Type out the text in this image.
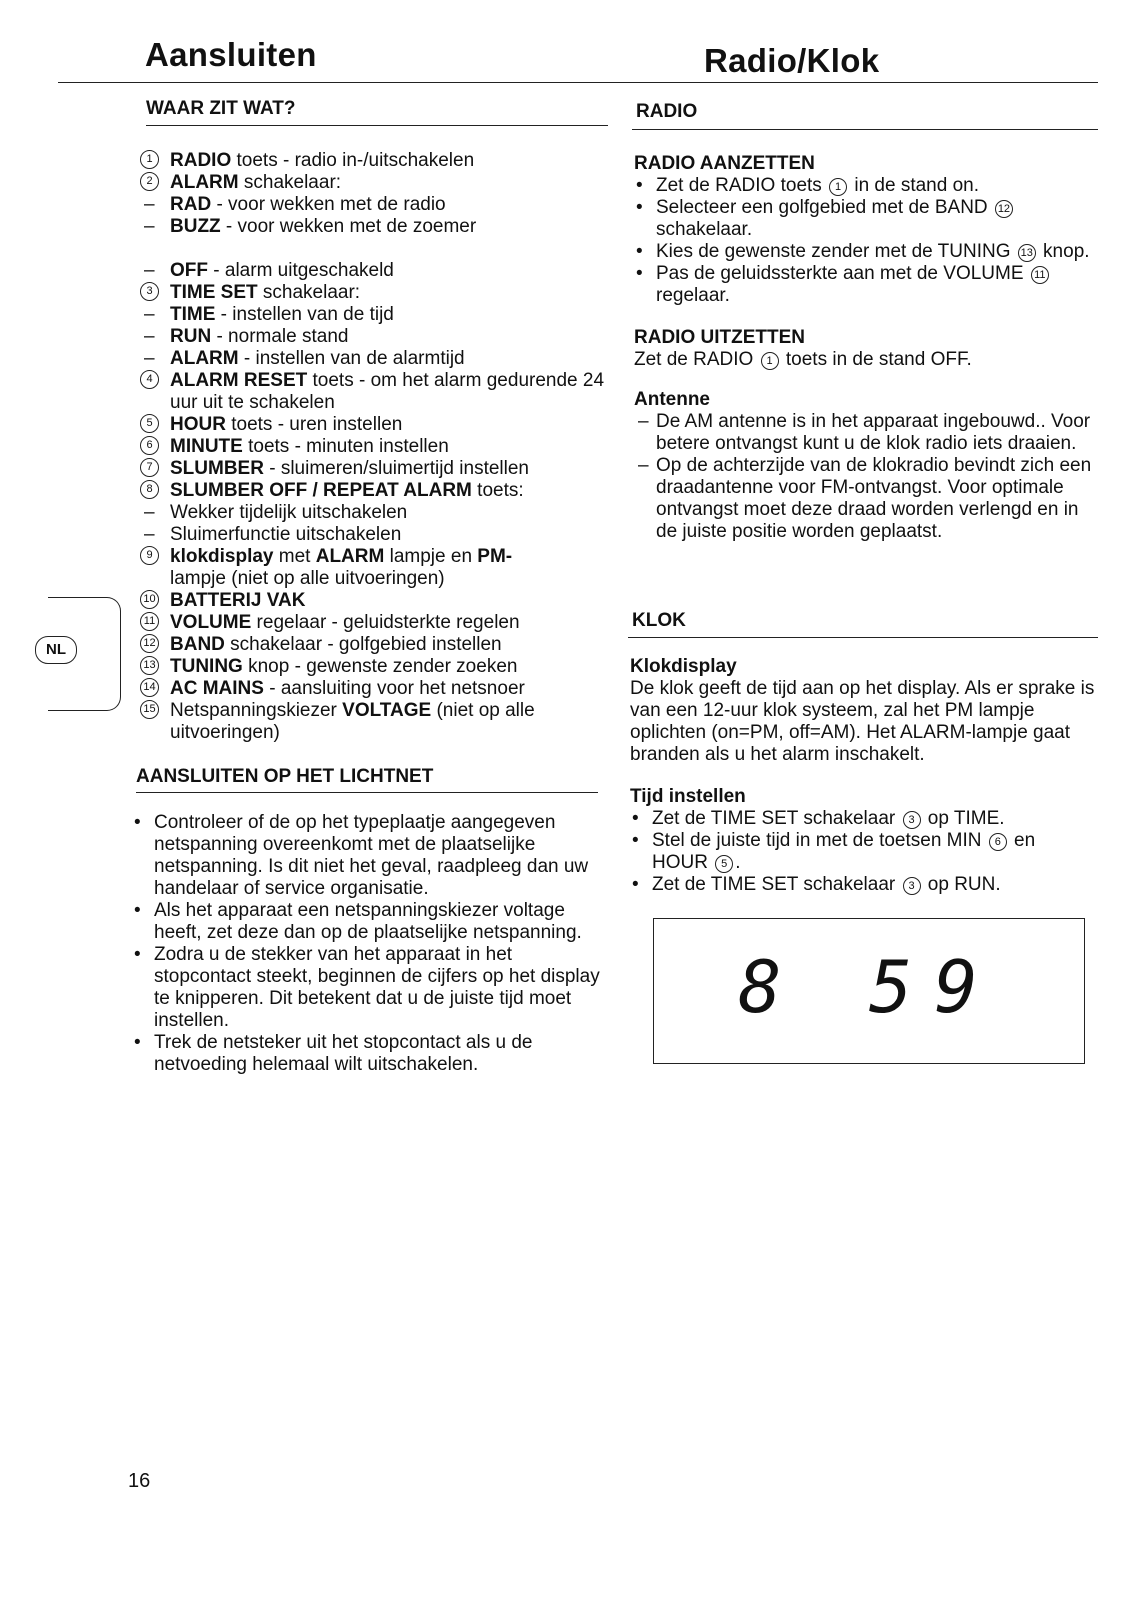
Aansluiten	Radio/Klok
WAAR ZIT WAT?
1 RADIO toets - radio in-/uitschakelen
2 ALARM schakelaar:
– RAD - voor wekken met de radio
– BUZZ - voor wekken met de zoemer
– OFF - alarm uitgeschakeld
3 TIME SET schakelaar:
– TIME - instellen van de tijd
– RUN - normale stand
– ALARM - instellen van de alarmtijd
4 ALARM RESET toets - om het alarm gedurende 24 uur uit te schakelen
5 HOUR toets - uren instellen
6 MINUTE toets - minuten instellen
7 SLUMBER - sluimeren/sluimertijd instellen
8 SLUMBER OFF / REPEAT ALARM toets:
– Wekker tijdelijk uitschakelen
– Sluimerfunctie uitschakelen
9 klokdisplay met ALARM lampje en PM-
lampje (niet op alle uitvoeringen)
10 BATTERIJ VAK
11 VOLUME regelaar - geluidsterkte regelen
12 BAND schakelaar - golfgebied instellen
13 TUNING knop - gewenste zender zoeken
14 AC MAINS - aansluiting voor het netsnoer
15 Netspanningskiezer VOLTAGE (niet op alle uitvoeringen)
AANSLUITEN OP HET LICHTNET
• Controleer of de op het typeplaatje aangegeven netspanning overeenkomt met de plaatselijke netspanning. Is dit niet het geval, raadpleeg dan uw handelaar of service organisatie.
• Als het apparaat een netspanningskiezer voltage heeft, zet deze dan op de plaatselijke netspanning.
• Zodra u de stekker van het apparaat in het stopcontact steekt, beginnen de cijfers op het display te knipperen. Dit betekent dat u de juiste tijd moet instellen.
• Trek de netsteker uit het stopcontact als u de netvoeding helemaal wilt uitschakelen.
NL
RADIO
RADIO AANZETTEN
• Zet de RADIO toets 1 in de stand on.
• Selecteer een golfgebied met de BAND 12 schakelaar.
• Kies de gewenste zender met de TUNING 13 knop.
• Pas de geluidssterkte aan met de VOLUME 11 regelaar.
RADIO UITZETTEN
Zet de RADIO 1 toets in de stand OFF.
Antenne
– De AM antenne is in het apparaat ingebouwd.. Voor betere ontvangst kunt u de klok radio iets draaien.
– Op de achterzijde van de klokradio bevindt zich een draadantenne voor FM-ontvangst. Voor optimale ontvangst moet deze draad worden verlengd en in de juiste positie worden geplaatst.
KLOK
Klokdisplay
De klok geeft de tijd aan op het display. Als er sprake is van een 12-uur klok systeem, zal het PM lampje oplichten (on=PM, off=AM). Het ALARM-lampje gaat branden als u het alarm inschakelt.
Tijd instellen
• Zet de TIME SET schakelaar 3 op TIME.
• Stel de juiste tijd in met de toetsen MIN 6 en HOUR 5 .
• Zet de TIME SET schakelaar 3 op RUN.
8 59
16
